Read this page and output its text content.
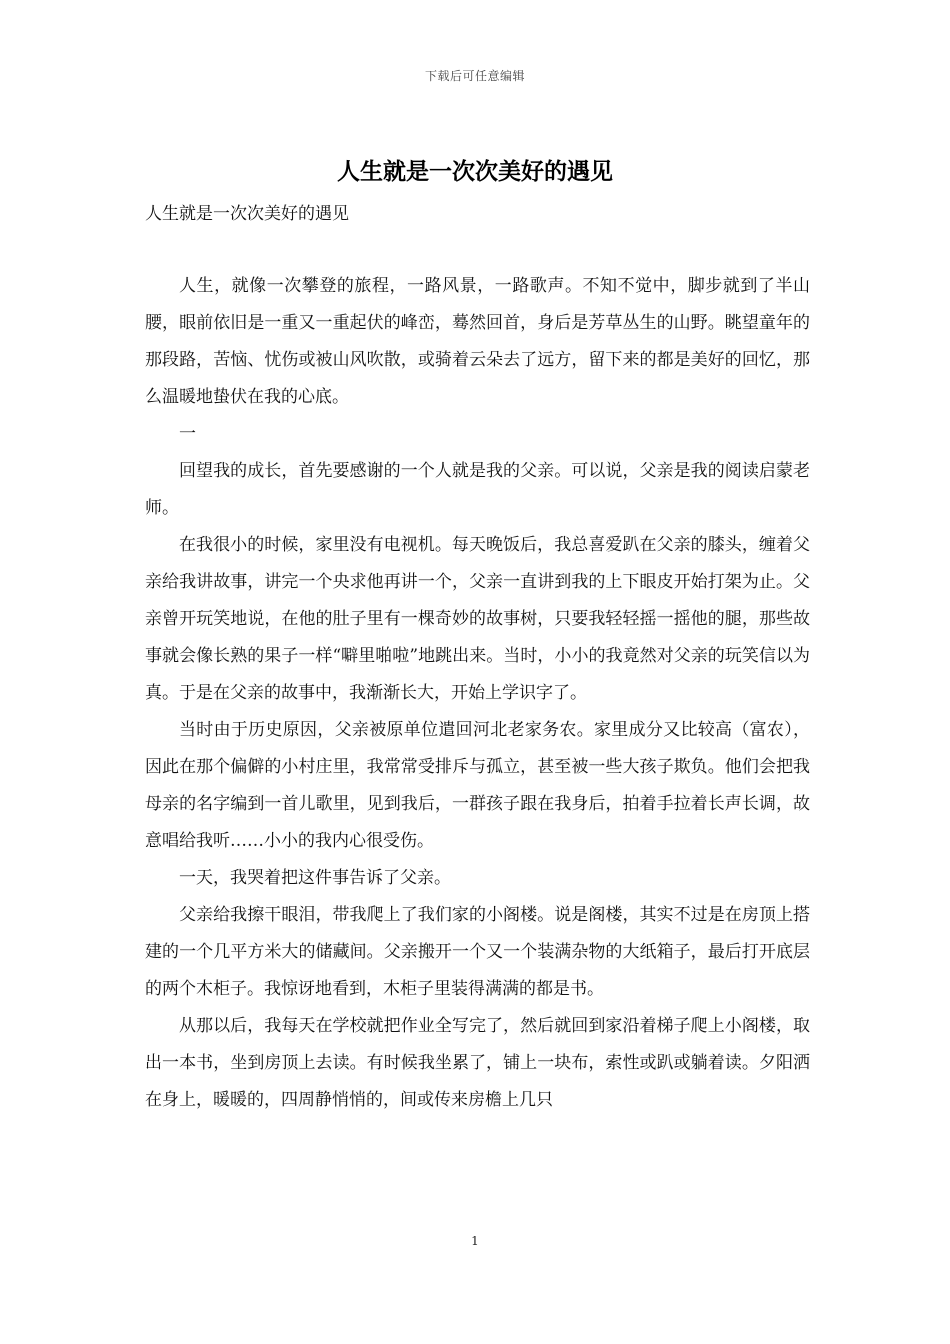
下载后可任意编辑
人生就是一次次美好的遇见

人生就是一次次美好的遇见

人生，就像一次攀登的旅程，一路风景，一路歌声。不知不觉中，脚步就到了半山腰，眼前依旧是一重又一重起伏的峰峦，蓦然回首，身后是芳草丛生的山野。眺望童年的那段路，苦恼、忧伤或被山风吹散，或骑着云朵去了远方，留下来的都是美好的回忆，那么温暖地蛰伏在我的心底。

一

回望我的成长，首先要感谢的一个人就是我的父亲。可以说，父亲是我的阅读启蒙老师。

在我很小的时候，家里没有电视机。每天晚饭后，我总喜爱趴在父亲的膝头，缠着父亲给我讲故事，讲完一个央求他再讲一个，父亲一直讲到我的上下眼皮开始打架为止。父亲曾开玩笑地说，在他的肚子里有一棵奇妙的故事树，只要我轻轻摇一摇他的腿，那些故事就会像长熟的果子一样“噼里啪啦”地跳出来。当时，小小的我竟然对父亲的玩笑信以为真。于是在父亲的故事中，我渐渐长大，开始上学识字了。

当时由于历史原因，父亲被原单位遣回河北老家务农。家里成分又比较高（富农），因此在那个偏僻的小村庄里，我常常受排斥与孤立，甚至被一些大孩子欺负。他们会把我母亲的名字编到一首儿歌里，见到我后，一群孩子跟在我身后，拍着手拉着长声长调，故意唱给我听……小小的我内心很受伤。

一天，我哭着把这件事告诉了父亲。

父亲给我擦干眼泪，带我爬上了我们家的小阁楼。说是阁楼，其实不过是在房顶上搭建的一个几平方米大的储藏间。父亲搬开一个又一个装满杂物的大纸箱子，最后打开底层的两个木柜子。我惊讶地看到，木柜子里装得满满的都是书。

从那以后，我每天在学校就把作业全写完了，然后就回到家沿着梯子爬上小阁楼，取出一本书，坐到房顶上去读。有时候我坐累了，铺上一块布，索性或趴或躺着读。夕阳洒在身上，暖暖的，四周静悄悄的，间或传来房檐上几只

1
